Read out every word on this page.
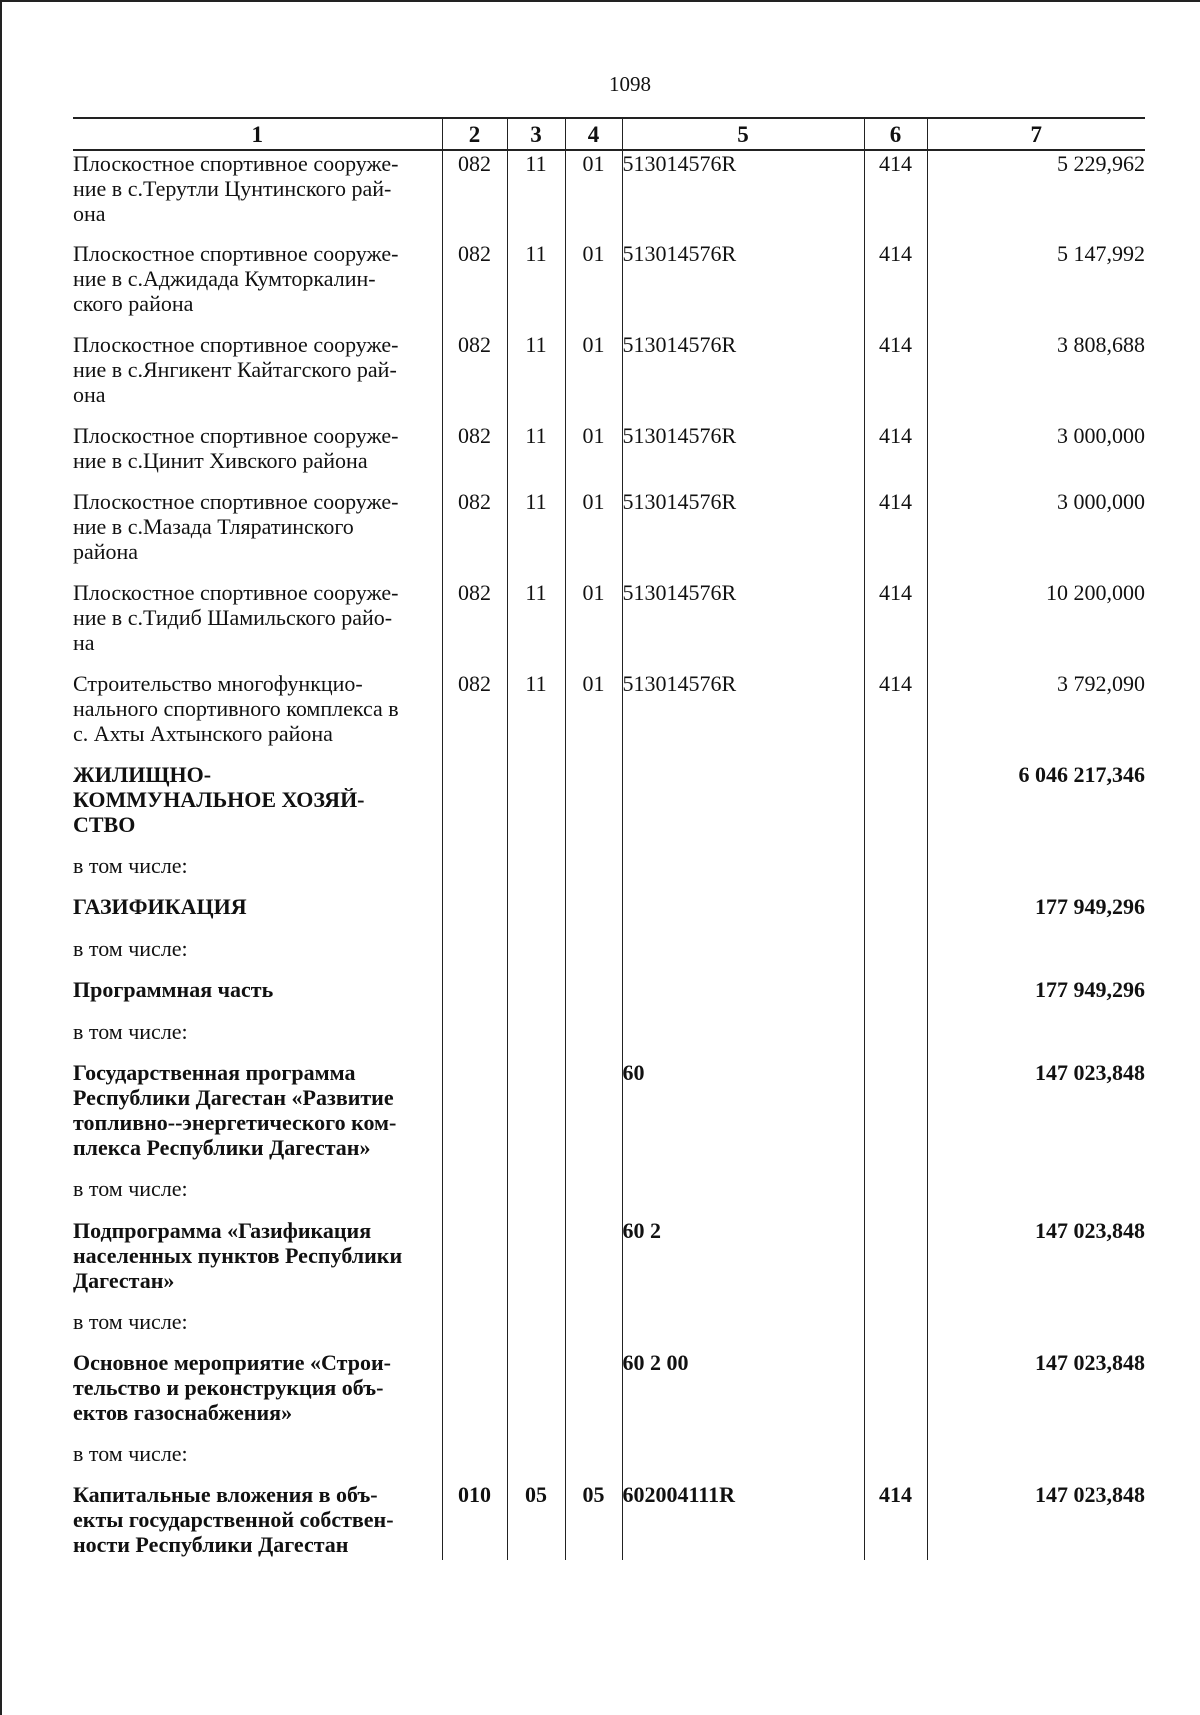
1098
1	2	3	4	5	6	7
Плоскостное спортивное сооруже-
ние в с.Терутли Цунтинского рай-
она	082	11	01	513014576R	414	5 229,962
Плоскостное спортивное сооруже-
ние в с.Аджидада Кумторкалин-
ского района	082	11	01	513014576R	414	5 147,992
Плоскостное спортивное сооруже-
ние в с.Янгикент Кайтагского рай-
она	082	11	01	513014576R	414	3 808,688
Плоскостное спортивное сооруже-
ние в с.Цинит Хивского района	082	11	01	513014576R	414	3 000,000
Плоскостное спортивное сооруже-
ние в с.Мазада Тляратинского
района	082	11	01	513014576R	414	3 000,000
Плоскостное спортивное сооруже-
ние в с.Тидиб Шамильского райо-
на	082	11	01	513014576R	414	10 200,000
Строительство многофункцио-
нального спортивного комплекса в
с. Ахты Ахтынского района	082	11	01	513014576R	414	3 792,090
ЖИЛИЩНО-
КОММУНАЛЬНОЕ ХОЗЯЙ-
СТВО						6 046 217,346
в том числе:						
ГАЗИФИКАЦИЯ						177 949,296
в том числе:						
Программная часть						177 949,296
в том числе:						
Государственная программа
Республики Дагестан «Развитие
топливно--энергетического ком-
плекса Республики Дагестан»				60		147 023,848
в том числе:						
Подпрограмма «Газификация
населенных пунктов Республики
Дагестан»				60 2		147 023,848
в том числе:						
Основное мероприятие «Строи-
тельство и реконструкция объ-
ектов газоснабжения»				60 2 00		147 023,848
в том числе:						
Капитальные вложения в объ-
екты государственной собствен-
ности Республики Дагестан	010	05	05	602004111R	414	147 023,848
